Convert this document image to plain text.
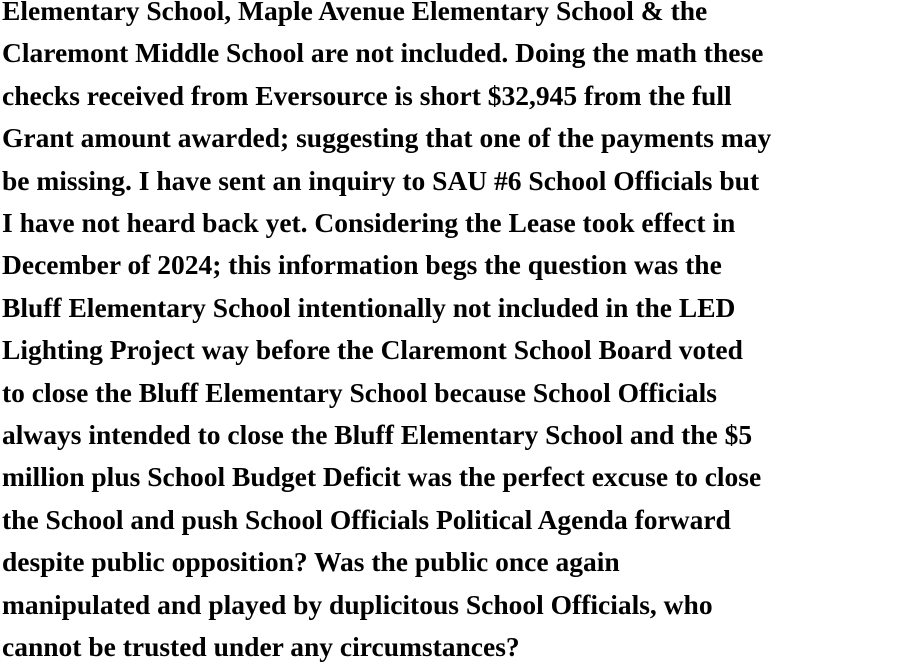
Elementary School, Maple Avenue Elementary School & the

Claremont Middle School are not included. Doing the math these

checks received from Eversource is short $32,945 from the full

Grant amount awarded; suggesting that one of the payments may

be missing. I have sent an inquiry to SAU #6 School Officials but

I have not heard back yet. Considering the Lease took effect in

December of 2024; this information begs the question was the

Bluff Elementary School intentionally not included in the LED

Lighting Project way before the Claremont School Board voted

to close the Bluff Elementary School because School Officials

always intended to close the Bluff Elementary School and the $5

million plus School Budget Deficit was the perfect excuse to close

the School and push School Officials Political Agenda forward

despite public opposition? Was the public once again

manipulated and played by duplicitous School Officials, who

cannot be trusted under any circumstances?
